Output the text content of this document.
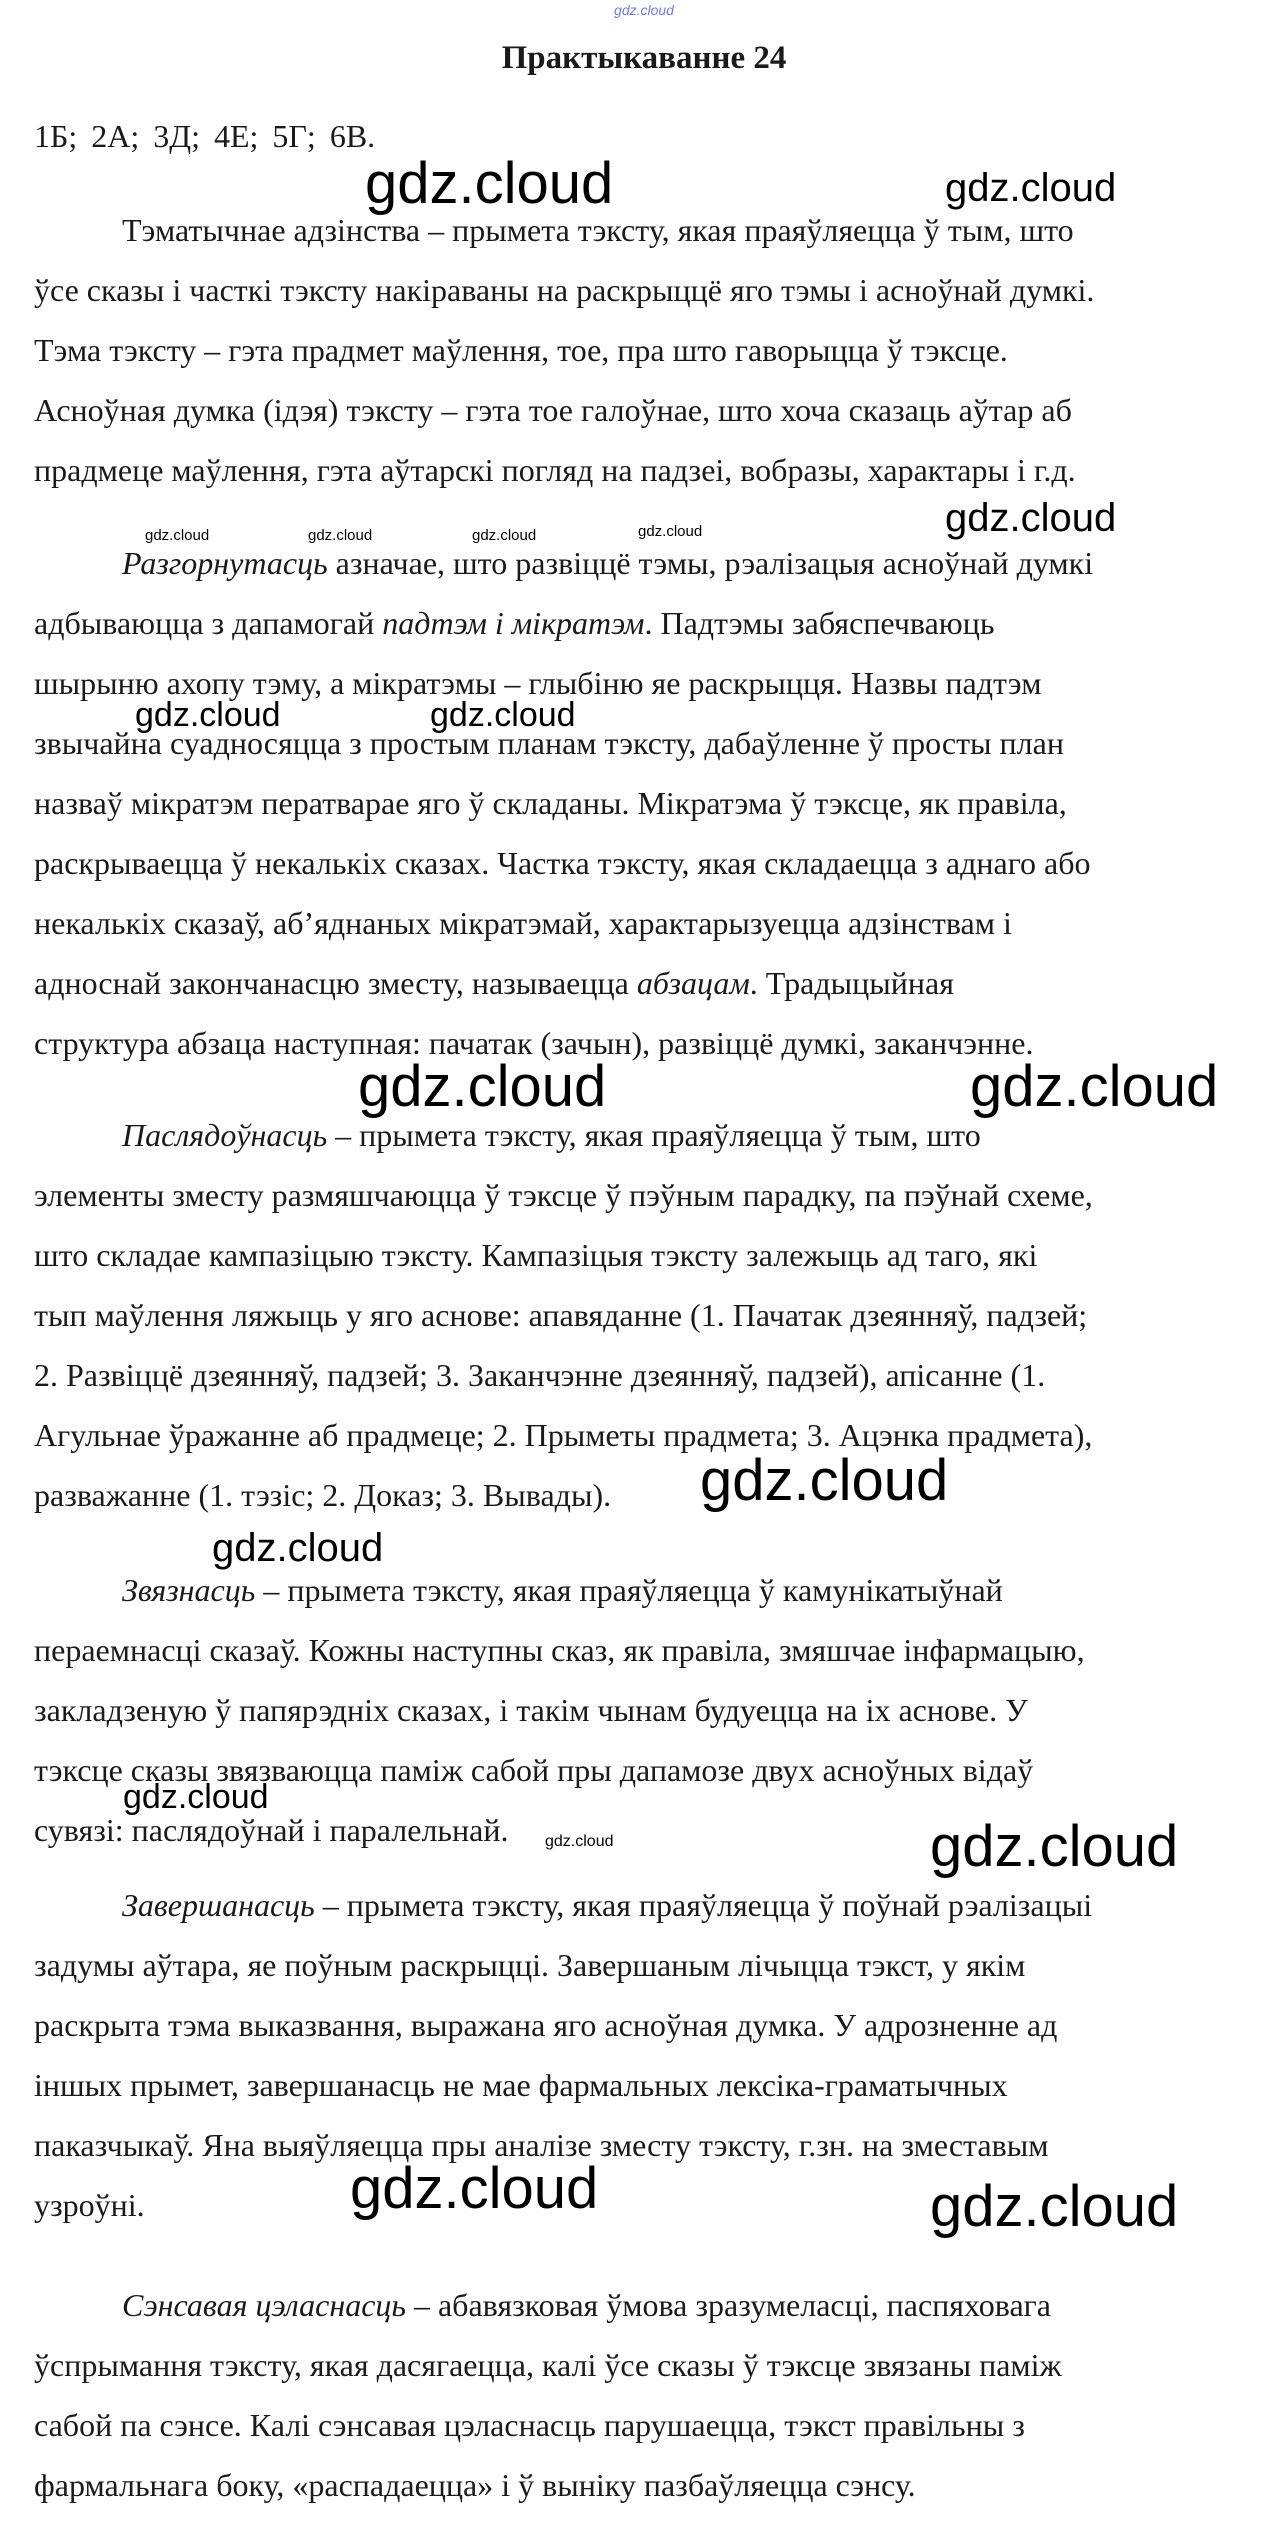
gdz.cloud
Практыкаванне 24
1Б; 2А; 3Д; 4Е; 5Г; 6В.
Тэматычнае адзінства – прымета тэксту, якая праяўляецца ў тым, што
ўсе сказы і часткі тэксту накіраваны на раскрыццё яго тэмы і асноўнай думкі.
Тэма тэксту – гэта прадмет маўлення, тое, пра што гаворыцца ў тэксце.
Асноўная думка (ідэя) тэксту – гэта тое галоўнае, што хоча сказаць аўтар аб
прадмеце маўлення, гэта аўтарскі погляд на падзеі, вобразы, характары і г.д.
Разгорнутасць азначае, што развіццё тэмы, рэалізацыя асноўнай думкі
адбываюцца з дапамогай падтэм і мікратэм. Падтэмы забяспечваюць
шырыню ахопу тэму, а мікратэмы – глыбіню яе раскрыцця. Назвы падтэм
звычайна суадносяцца з простым планам тэксту, дабаўленне ў просты план
назваў мікратэм ператварае яго ў складаны. Мікратэма ў тэксце, як правіла,
раскрываецца ў некалькіх сказах. Частка тэксту, якая складаецца з аднаго або
некалькіх сказаў, аб’яднаных мікратэмай, характарызуецца адзінствам і
адноснай закончанасцю зместу, называецца абзацам. Традыцыйная
структура абзаца наступная: пачатак (зачын), развіццё думкі, заканчэнне.
Паслядоўнасць – прымета тэксту, якая праяўляецца ў тым, што
элементы зместу размяшчаюцца ў тэксце ў пэўным парадку, па пэўнай схеме,
што складае кампазіцыю тэксту. Кампазіцыя тэксту залежыць ад таго, які
тып маўлення ляжыць у яго аснове: апавяданне (1. Пачатак дзеянняў, падзей;
2. Развіццё дзеянняў, падзей; 3. Заканчэнне дзеянняў, падзей), апісанне (1.
Агульнае ўражанне аб прадмеце; 2. Прыметы прадмета; 3. Ацэнка прадмета),
разважанне (1. тэзіс; 2. Доказ; 3. Вывады).
Звязнасць – прымета тэксту, якая праяўляецца ў камунікатыўнай
пераемнасці сказаў. Кожны наступны сказ, як правіла, змяшчае інфармацыю,
закладзеную ў папярэдніх сказах, і такім чынам будуецца на іх аснове. У
тэксце сказы звязваюцца паміж сабой пры дапамозе двух асноўных відаў
сувязі: паслядоўнай і паралельнай.
Завершанасць – прымета тэксту, якая праяўляецца ў поўнай рэалізацыі
задумы аўтара, яе поўным раскрыцці. Завершаным лічыцца тэкст, у якім
раскрыта тэма выказвання, выражана яго асноўная думка. У адрозненне ад
іншых прымет, завершанасць не мае фармальных лексіка-граматычных
паказчыкаў. Яна выяўляецца пры аналізе зместу тэксту, г.зн. на зместавым
узроўні.
Сэнсавая цэласнасць – абавязковая ўмова зразумеласці, паспяховага
ўспрымання тэксту, якая дасягаецца, калі ўсе сказы ў тэксце звязаны паміж
сабой па сэнсе. Калі сэнсавая цэласнасць парушаецца, тэкст правільны з
фармальнага боку, «распадаецца» і ў выніку пазбаўляецца сэнсу.
gdz.cloud	gdz.cloud
gdz.cloud	gdz.cloud	gdz.cloud	gdz.cloud	gdz.cloud
gdz.cloud	gdz.cloud
gdz.cloud	gdz.cloud
gdz.cloud
gdz.cloud
gdz.cloud
gdz.cloud	gdz.cloud
gdz.cloud	gdz.cloud
